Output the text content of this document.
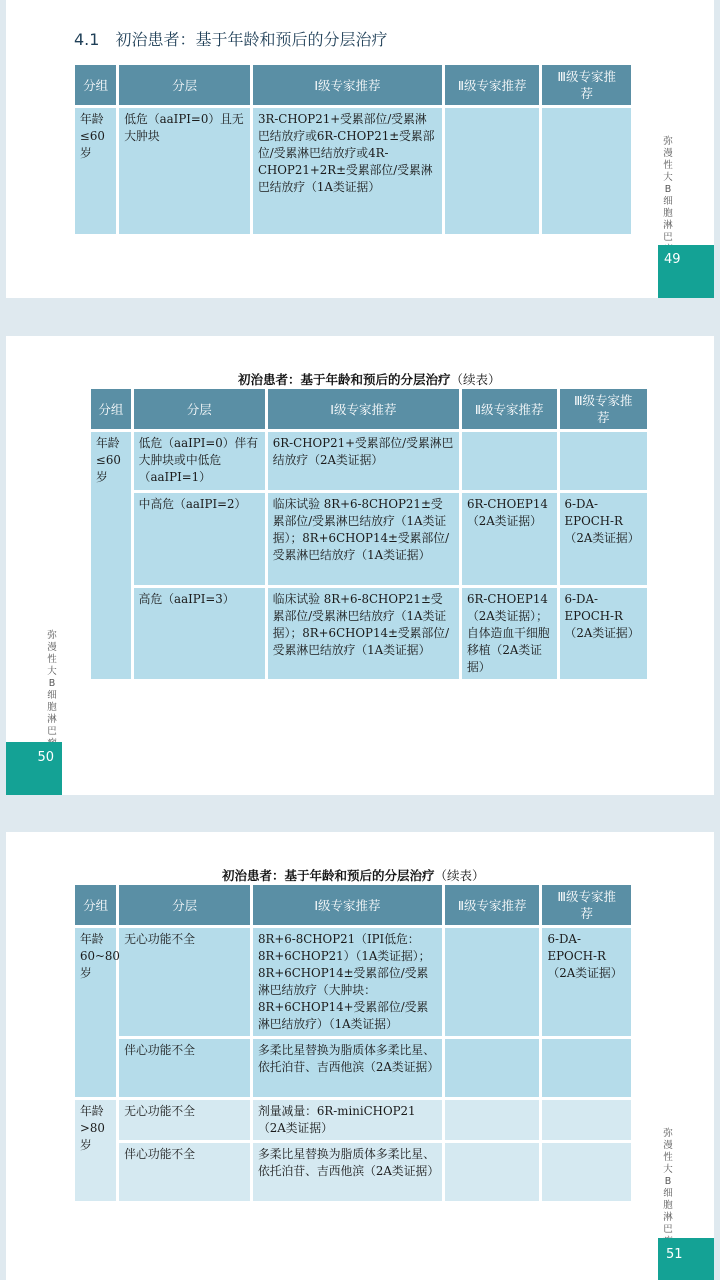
4.1　初治患者：基于年龄和预后的分层治疗
分组	分层	Ⅰ级专家推荐	Ⅱ级专家推荐	Ⅲ级专家推荐
年龄≤60岁	低危（aaIPI=0）且无大肿块	3R-CHOP21+受累部位/受累淋巴结放疗或6R-CHOP21±受累部位/受累淋巴结放疗或4R-CHOP21+2R±受累部位/受累淋巴结放疗（1A类证据）		
弥漫性大B细胞淋巴
49
初治患者：基于年龄和预后的分层治疗（续表）
分组	分层	Ⅰ级专家推荐	Ⅱ级专家推荐	Ⅲ级专家推荐
年龄≤60岁	低危（aaIPI=0）伴有大肿块或中低危（aaIPI=1）	6R-CHOP21+受累部位/受累淋巴结放疗（2A类证据）		
	中高危（aaIPI=2）	临床试验 8R+6-8CHOP21±受累部位/受累淋巴结放疗（1A类证据）；8R+6CHOP14±受累部位/受累淋巴结放疗（1A类证据）	6R-CHOEP14（2A类证据）	6-DA-EPOCH-R（2A类证据）
	高危（aaIPI=3）	临床试验 8R+6-8CHOP21±受累部位/受累淋巴结放疗（1A类证据）；8R+6CHOP14±受累部位/受累淋巴结放疗（1A类证据）	6R-CHOEP14（2A类证据）；自体造血干细胞移植（2A类证据）	6-DA-EPOCH-R（2A类证据）
弥漫性大B细胞淋巴
50
初治患者：基于年龄和预后的分层治疗（续表）
分组	分层	Ⅰ级专家推荐	Ⅱ级专家推荐	Ⅲ级专家推荐
年龄60~80岁	无心功能不全	8R+6-8CHOP21（IPI低危：8R+6CHOP21）（1A类证据）；8R+6CHOP14±受累部位/受累淋巴结放疗（大肿块：8R+6CHOP14+受累部位/受累淋巴结放疗）（1A类证据）		6-DA-EPOCH-R（2A类证据）
	伴心功能不全	多柔比星替换为脂质体多柔比星、依托泊苷、吉西他滨（2A类证据）		
年龄>80岁	无心功能不全	剂量减量：6R-miniCHOP21（2A类证据）		
	伴心功能不全	多柔比星替换为脂质体多柔比星、依托泊苷、吉西他滨（2A类证据）		
弥漫性大B细胞淋巴
51
